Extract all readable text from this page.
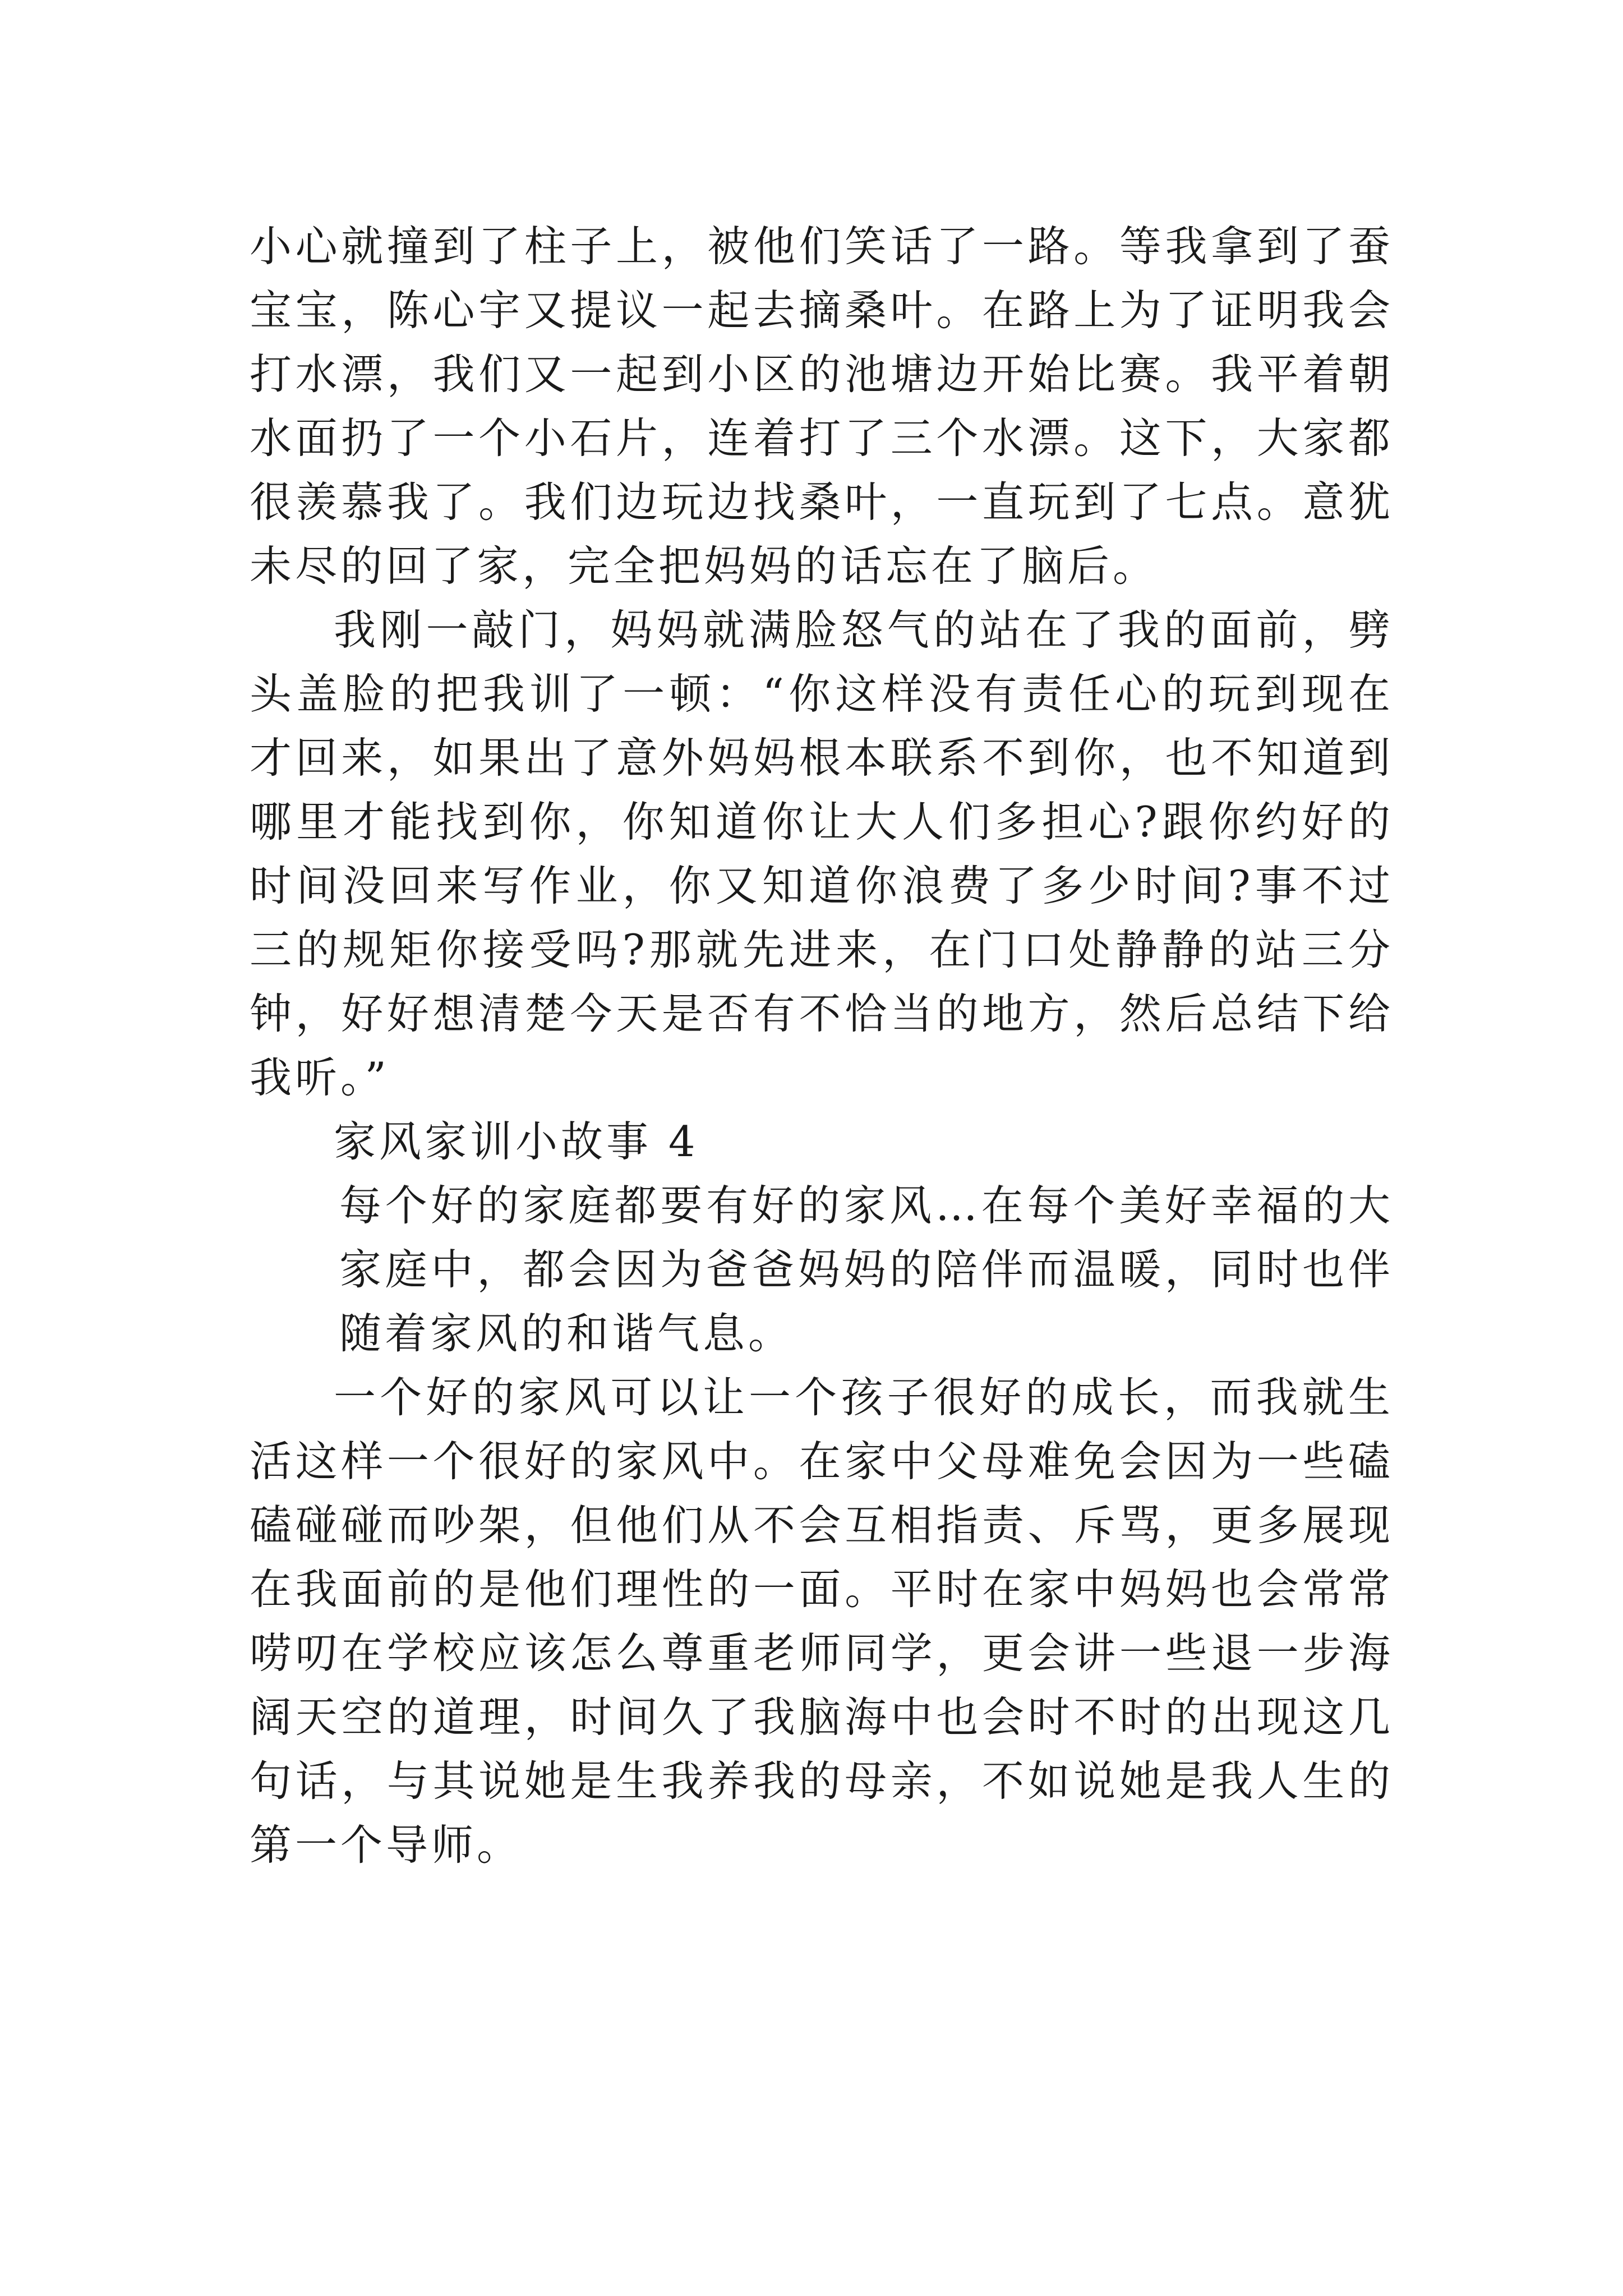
小心就撞到了柱子上，被他们笑话了一路。等我拿到了蚕宝宝，陈心宇又提议一起去摘桑叶。在路上为了证明我会打水漂，我们又一起到小区的池塘边开始比赛。我平着朝水面扔了一个小石片，连着打了三个水漂。这下，大家都很羡慕我了。我们边玩边找桑叶，一直玩到了七点。意犹未尽的回了家，完全把妈妈的话忘在了脑后。

我刚一敲门，妈妈就满脸怒气的站在了我的面前，劈头盖脸的把我训了一顿：“你这样没有责任心的玩到现在才回来，如果出了意外妈妈根本联系不到你，也不知道到哪里才能找到你，你知道你让大人们多担心?跟你约好的时间没回来写作业，你又知道你浪费了多少时间?事不过三的规矩你接受吗?那就先进来，在门口处静静的站三分钟，好好想清楚今天是否有不恰当的地方，然后总结下给我听。”

家风家训小故事 4

每个好的家庭都要有好的家风…在每个美好幸福的大家庭中，都会因为爸爸妈妈的陪伴而温暖，同时也伴随着家风的和谐气息。

一个好的家风可以让一个孩子很好的成长，而我就生活这样一个很好的家风中。在家中父母难免会因为一些磕磕碰碰而吵架，但他们从不会互相指责、斥骂，更多展现在我面前的是他们理性的一面。平时在家中妈妈也会常常唠叨在学校应该怎么尊重老师同学，更会讲一些退一步海阔天空的道理，时间久了我脑海中也会时不时的出现这几句话，与其说她是生我养我的母亲，不如说她是我人生的第一个导师。
